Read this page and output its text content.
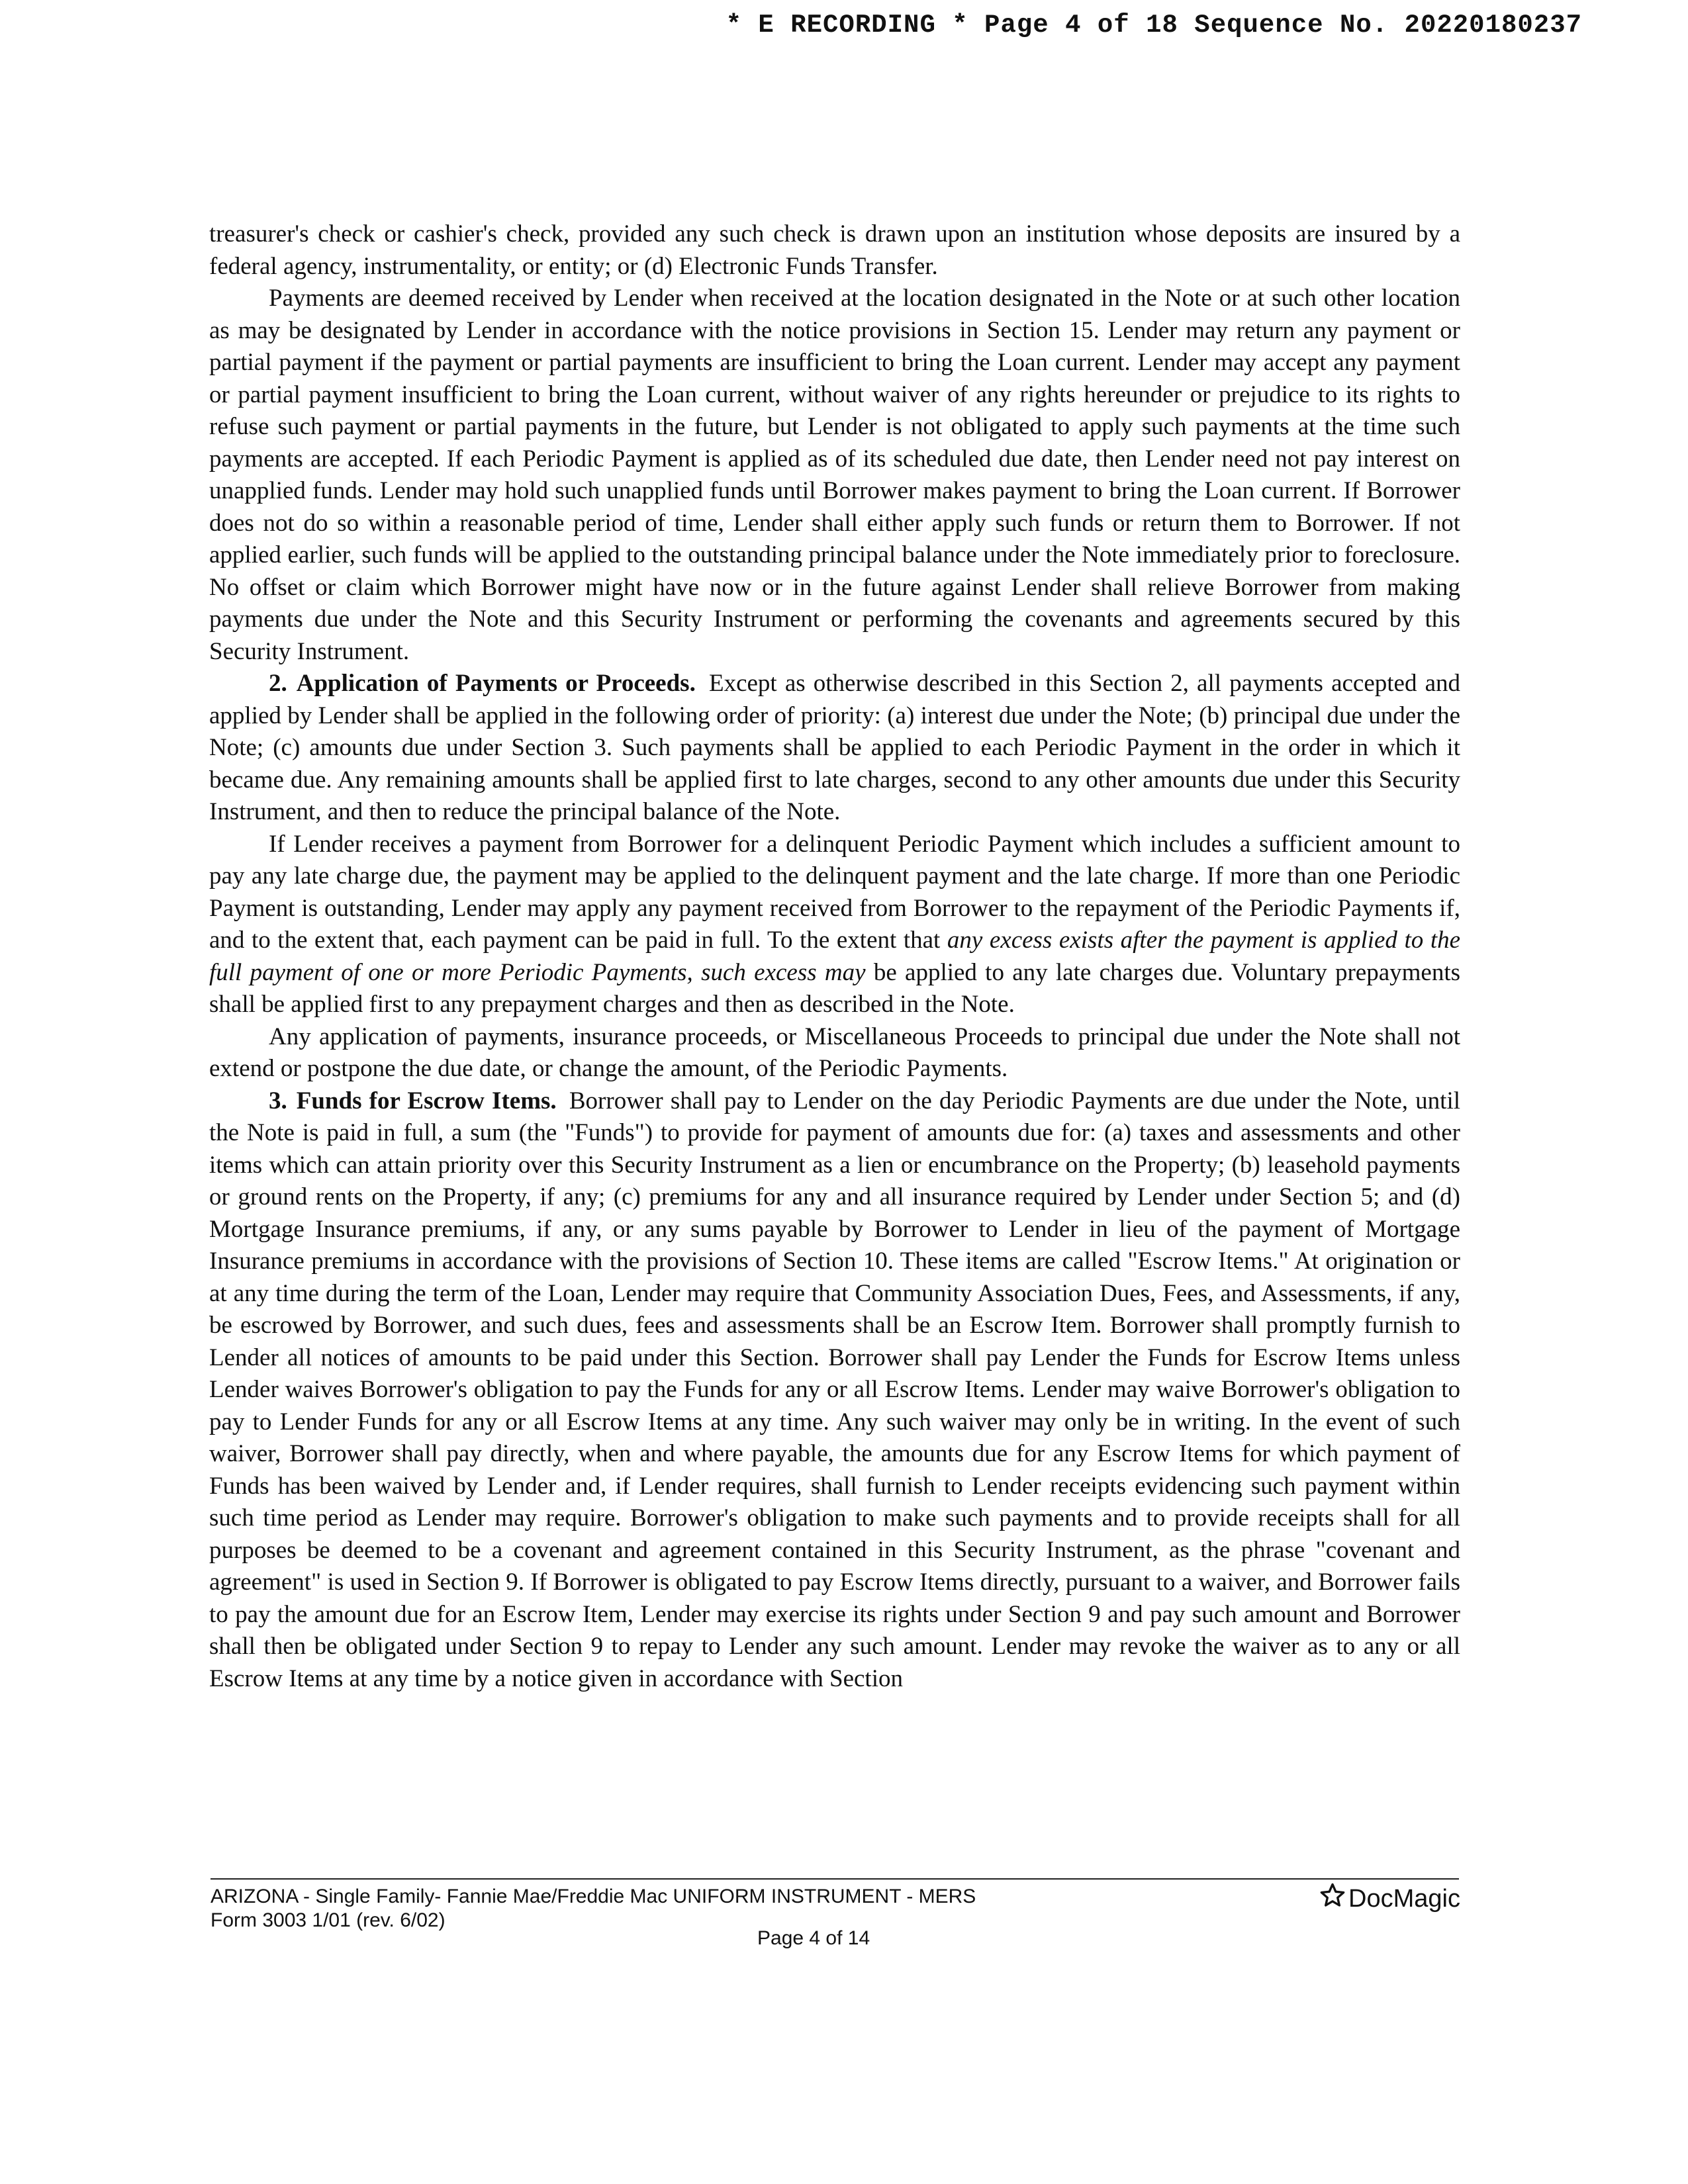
* E RECORDING * Page 4 of 18 Sequence No. 20220180237

treasurer's check or cashier's check, provided any such check is drawn upon an institution whose deposits are insured by a federal agency, instrumentality, or entity; or (d) Electronic Funds Transfer.

Payments are deemed received by Lender when received at the location designated in the Note or at such other location as may be designated by Lender in accordance with the notice provisions in Section 15. Lender may return any payment or partial payment if the payment or partial payments are insufficient to bring the Loan current. Lender may accept any payment or partial payment insufficient to bring the Loan current, without waiver of any rights hereunder or prejudice to its rights to refuse such payment or partial payments in the future, but Lender is not obligated to apply such payments at the time such payments are accepted. If each Periodic Payment is applied as of its scheduled due date, then Lender need not pay interest on unapplied funds. Lender may hold such unapplied funds until Borrower makes payment to bring the Loan current. If Borrower does not do so within a reasonable period of time, Lender shall either apply such funds or return them to Borrower. If not applied earlier, such funds will be applied to the outstanding principal balance under the Note immediately prior to foreclosure. No offset or claim which Borrower might have now or in the future against Lender shall relieve Borrower from making payments due under the Note and this Security Instrument or performing the covenants and agreements secured by this Security Instrument.

2. Application of Payments or Proceeds. Except as otherwise described in this Section 2, all payments accepted and applied by Lender shall be applied in the following order of priority: (a) interest due under the Note; (b) principal due under the Note; (c) amounts due under Section 3. Such payments shall be applied to each Periodic Payment in the order in which it became due. Any remaining amounts shall be applied first to late charges, second to any other amounts due under this Security Instrument, and then to reduce the principal balance of the Note.

If Lender receives a payment from Borrower for a delinquent Periodic Payment which includes a sufficient amount to pay any late charge due, the payment may be applied to the delinquent payment and the late charge. If more than one Periodic Payment is outstanding, Lender may apply any payment received from Borrower to the repayment of the Periodic Payments if, and to the extent that, each payment can be paid in full. To the extent that any excess exists after the payment is applied to the full payment of one or more Periodic Payments, such excess may be applied to any late charges due. Voluntary prepayments shall be applied first to any prepayment charges and then as described in the Note.

Any application of payments, insurance proceeds, or Miscellaneous Proceeds to principal due under the Note shall not extend or postpone the due date, or change the amount, of the Periodic Payments.

3. Funds for Escrow Items. Borrower shall pay to Lender on the day Periodic Payments are due under the Note, until the Note is paid in full, a sum (the "Funds") to provide for payment of amounts due for: (a) taxes and assessments and other items which can attain priority over this Security Instrument as a lien or encumbrance on the Property; (b) leasehold payments or ground rents on the Property, if any; (c) premiums for any and all insurance required by Lender under Section 5; and (d) Mortgage Insurance premiums, if any, or any sums payable by Borrower to Lender in lieu of the payment of Mortgage Insurance premiums in accordance with the provisions of Section 10. These items are called "Escrow Items." At origination or at any time during the term of the Loan, Lender may require that Community Association Dues, Fees, and Assessments, if any, be escrowed by Borrower, and such dues, fees and assessments shall be an Escrow Item. Borrower shall promptly furnish to Lender all notices of amounts to be paid under this Section. Borrower shall pay Lender the Funds for Escrow Items unless Lender waives Borrower's obligation to pay the Funds for any or all Escrow Items. Lender may waive Borrower's obligation to pay to Lender Funds for any or all Escrow Items at any time. Any such waiver may only be in writing. In the event of such waiver, Borrower shall pay directly, when and where payable, the amounts due for any Escrow Items for which payment of Funds has been waived by Lender and, if Lender requires, shall furnish to Lender receipts evidencing such payment within such time period as Lender may require. Borrower's obligation to make such payments and to provide receipts shall for all purposes be deemed to be a covenant and agreement contained in this Security Instrument, as the phrase "covenant and agreement" is used in Section 9. If Borrower is obligated to pay Escrow Items directly, pursuant to a waiver, and Borrower fails to pay the amount due for an Escrow Item, Lender may exercise its rights under Section 9 and pay such amount and Borrower shall then be obligated under Section 9 to repay to Lender any such amount. Lender may revoke the waiver as to any or all Escrow Items at any time by a notice given in accordance with Section

ARIZONA - Single Family- Fannie Mae/Freddie Mac UNIFORM INSTRUMENT - MERS
Form 3003 1/01 (rev. 6/02)
Page 4 of 14
DocMagic
